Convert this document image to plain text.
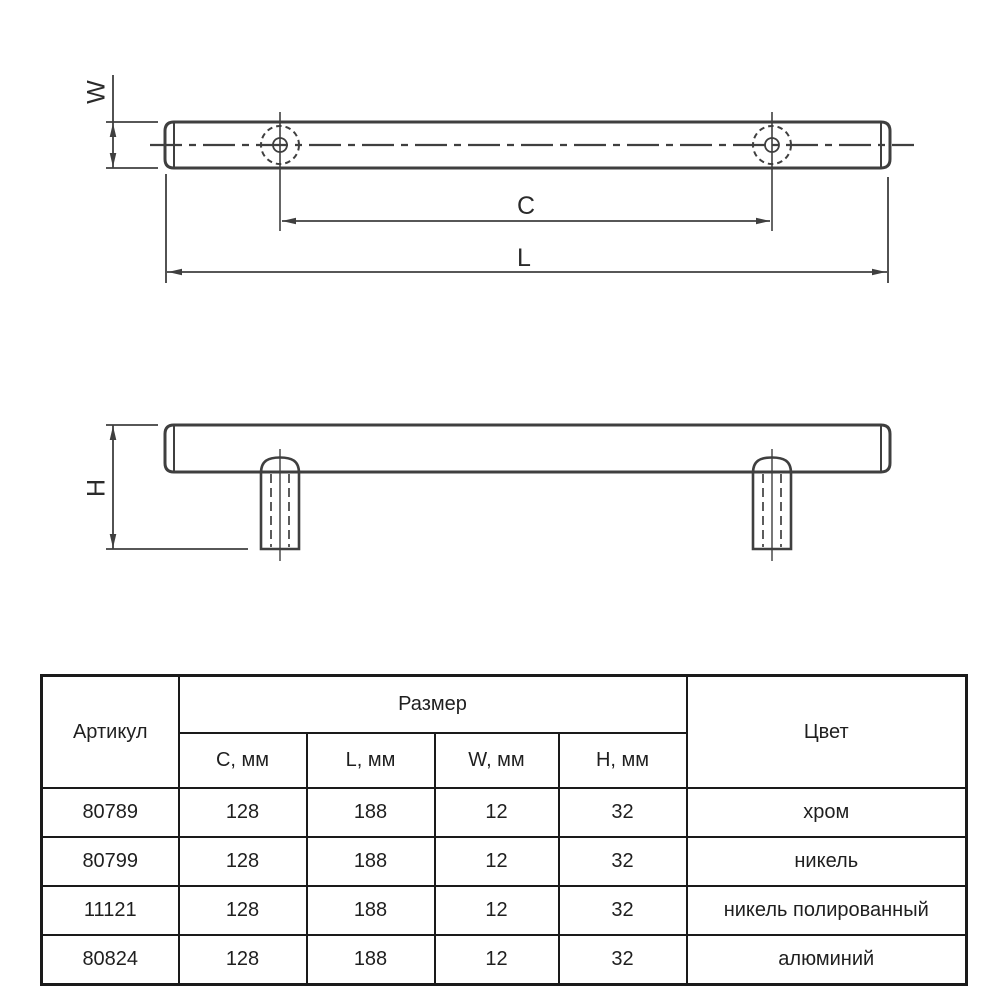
W
C
L
H
Артикул	Размер				Цвет
	C, мм	L, мм	W, мм	H, мм	
80789	128	188	12	32	хром
80799	128	188	12	32	никель
11121	128	188	12	32	никель полированный
80824	128	188	12	32	алюминий
